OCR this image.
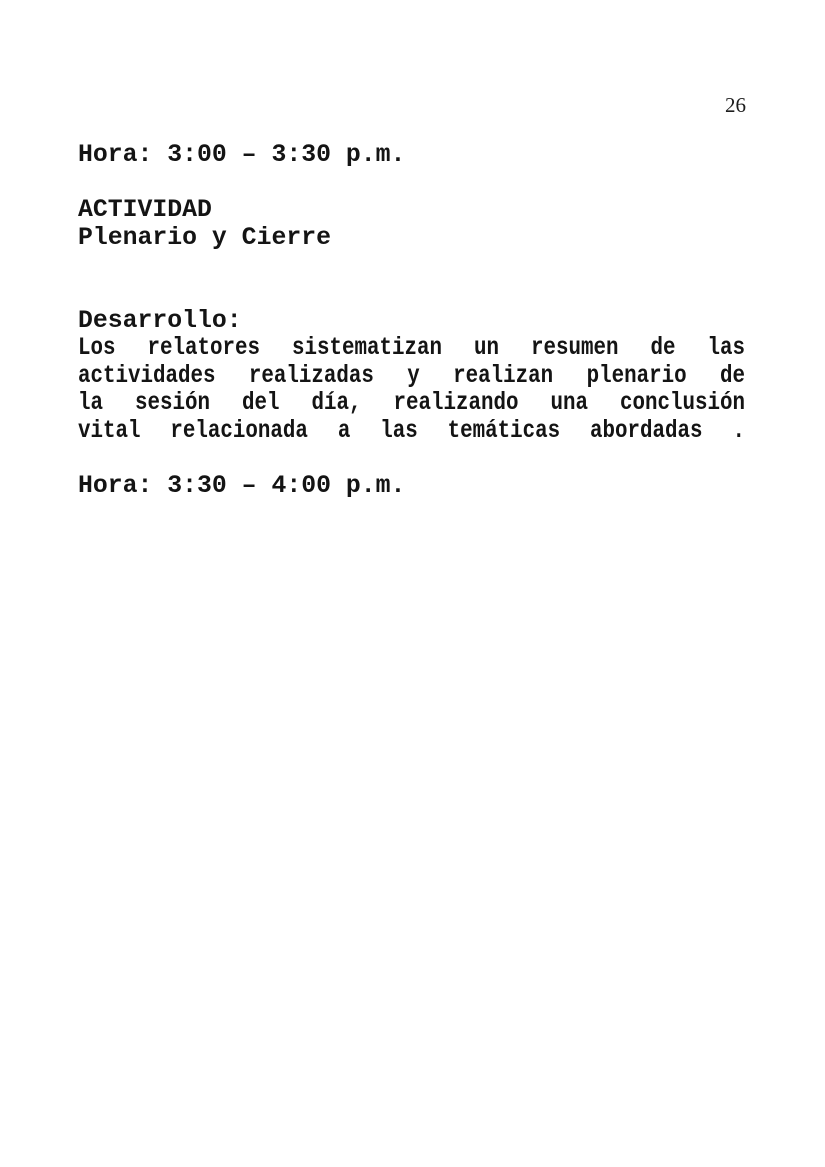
26
Hora: 3:00 – 3:30 p.m.
ACTIVIDAD
Plenario y Cierre
Desarrollo:
Los relatores sistematizan un resumen de las
actividades realizadas y realizan plenario de
la sesión del día, realizando una conclusión
vital relacionada a las temáticas abordadas .
Hora: 3:30 – 4:00 p.m.
